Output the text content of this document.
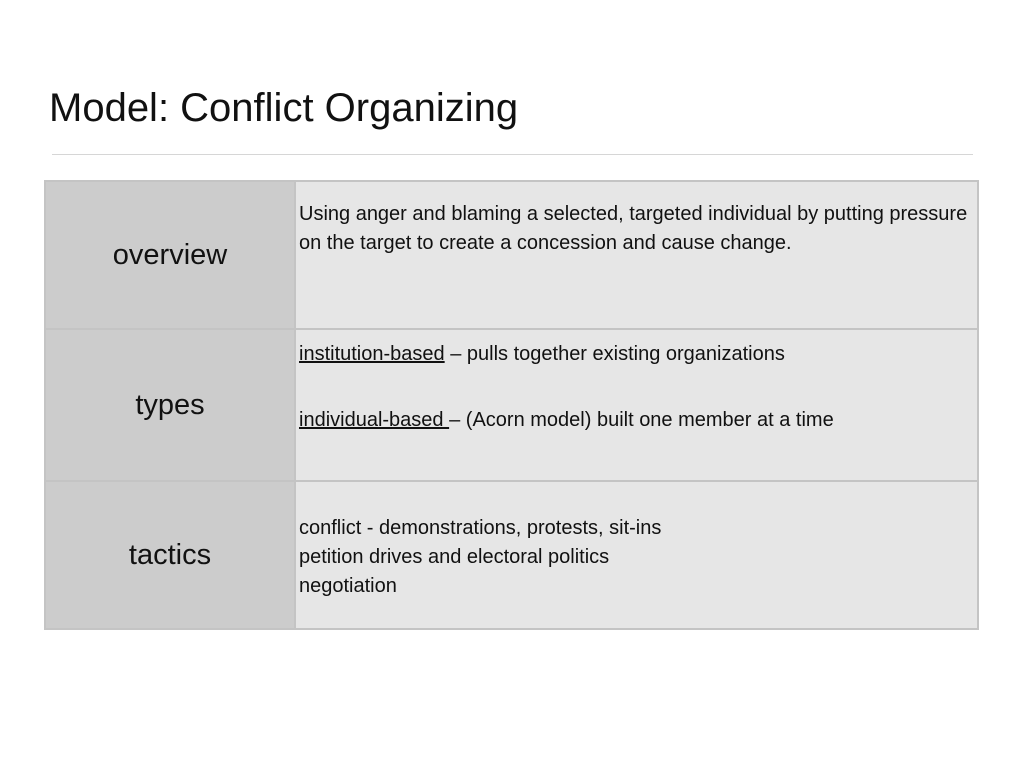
Model: Conflict Organizing
overview
Using anger and blaming a selected, targeted individual by putting pressure on the target to create a concession and cause change.
types
institution-based – pulls together existing organizations
individual-based – (Acorn model) built one member at a time
tactics
conflict - demonstrations, protests, sit-ins
petition drives and electoral politics
negotiation
